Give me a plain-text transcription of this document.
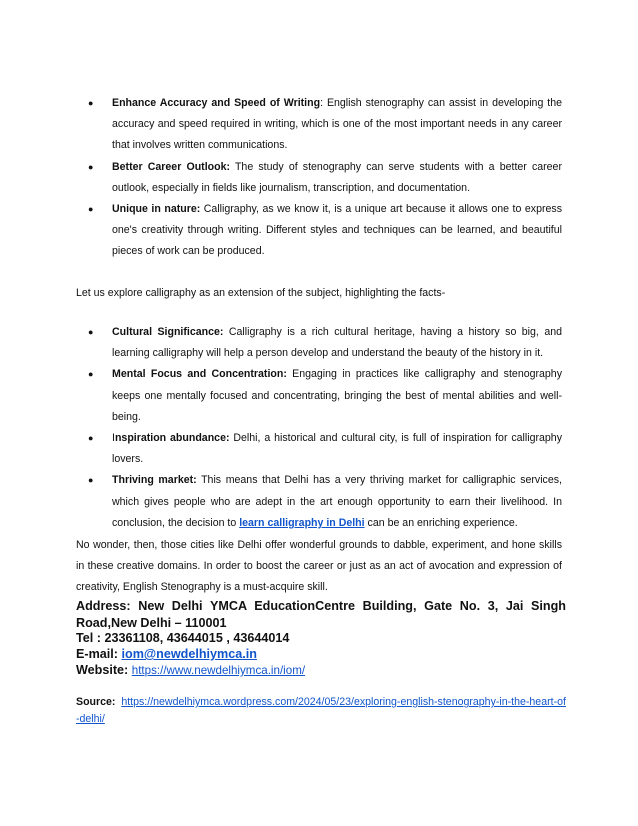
● Enhance Accuracy and Speed of Writing: English stenography can assist in developing the accuracy and speed required in writing, which is one of the most important needs in any career that involves written communications.
● Better Career Outlook: The study of stenography can serve students with a better career outlook, especially in fields like journalism, transcription, and documentation.
● Unique in nature: Calligraphy, as we know it, is a unique art because it allows one to express one's creativity through writing. Different styles and techniques can be learned, and beautiful pieces of work can be produced.

Let us explore calligraphy as an extension of the subject, highlighting the facts-

● Cultural Significance: Calligraphy is a rich cultural heritage, having a history so big, and learning calligraphy will help a person develop and understand the beauty of the history in it.
● Mental Focus and Concentration: Engaging in practices like calligraphy and stenography keeps one mentally focused and concentrating, bringing the best of mental abilities and well-being.
● Inspiration abundance: Delhi, a historical and cultural city, is full of inspiration for calligraphy lovers.
● Thriving market: This means that Delhi has a very thriving market for calligraphic services, which gives people who are adept in the art enough opportunity to earn their livelihood. In conclusion, the decision to learn calligraphy in Delhi can be an enriching experience.

No wonder, then, those cities like Delhi offer wonderful grounds to dabble, experiment, and hone skills in these creative domains. In order to boost the career or just as an act of avocation and expression of creativity, English Stenography is a must-acquire skill.

Address: New Delhi YMCA EducationCentre Building, Gate No. 3, Jai Singh Road,New Delhi – 110001
Tel : 23361108, 43644015 , 43644014
E-mail: iom@newdelhiymca.in
Website: https://www.newdelhiymca.in/iom/
Source: https://newdelhiymca.wordpress.com/2024/05/23/exploring-english-stenography-in-the-heart-of-delhi/
